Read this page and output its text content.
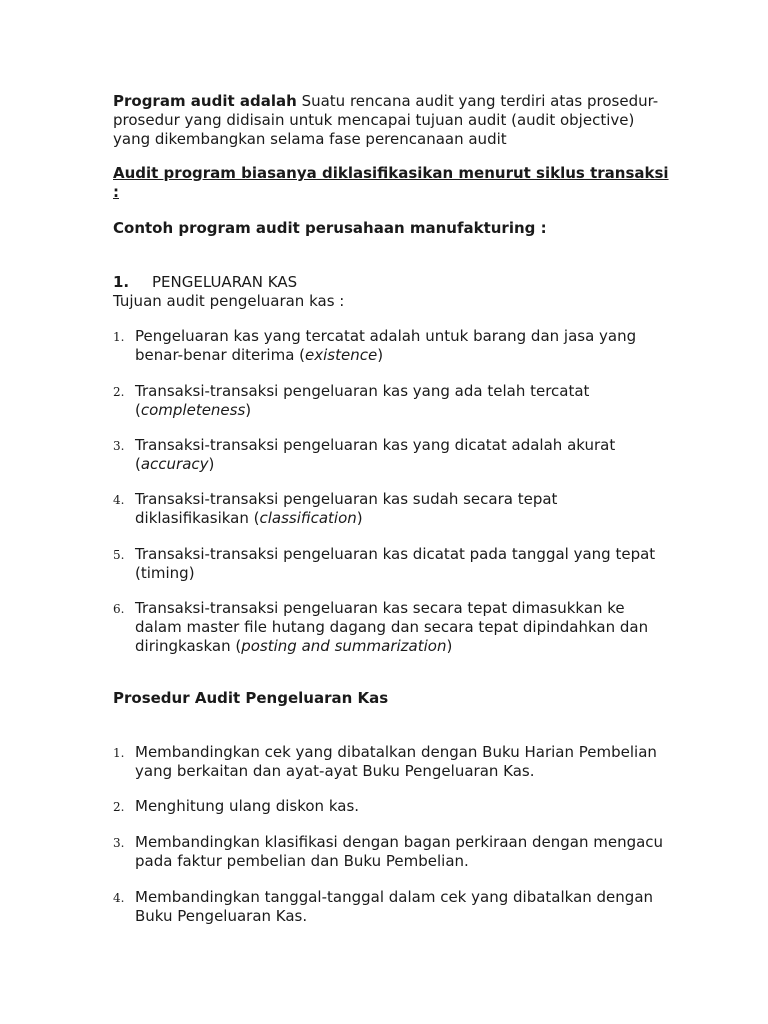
Program audit adalah Suatu rencana audit yang terdiri atas prosedur-prosedur yang didisain untuk mencapai tujuan audit (audit objective) yang dikembangkan selama fase perencanaan audit
Audit program biasanya diklasifikasikan menurut siklus transaksi :
Contoh program audit perusahaan manufakturing :
1. PENGELUARAN KAS
Tujuan audit pengeluaran kas :
1. Pengeluaran kas yang tercatat adalah untuk barang dan jasa yang benar-benar diterima (existence)
2. Transaksi-transaksi pengeluaran kas yang ada telah tercatat (completeness)
3. Transaksi-transaksi pengeluaran kas yang dicatat adalah akurat (accuracy)
4. Transaksi-transaksi pengeluaran kas sudah secara tepat diklasifikasikan (classification)
5. Transaksi-transaksi pengeluaran kas dicatat pada tanggal yang tepat (timing)
6. Transaksi-transaksi pengeluaran kas secara tepat dimasukkan ke dalam master file hutang dagang dan secara tepat dipindahkan dan diringkaskan (posting and summarization)
Prosedur Audit Pengeluaran Kas
1. Membandingkan cek yang dibatalkan dengan Buku Harian Pembelian yang berkaitan dan ayat-ayat Buku Pengeluaran Kas.
2. Menghitung ulang diskon kas.
3. Membandingkan klasifikasi dengan bagan perkiraan dengan mengacu pada faktur pembelian dan Buku Pembelian.
4. Membandingkan tanggal-tanggal dalam cek yang dibatalkan dengan Buku Pengeluaran Kas.
